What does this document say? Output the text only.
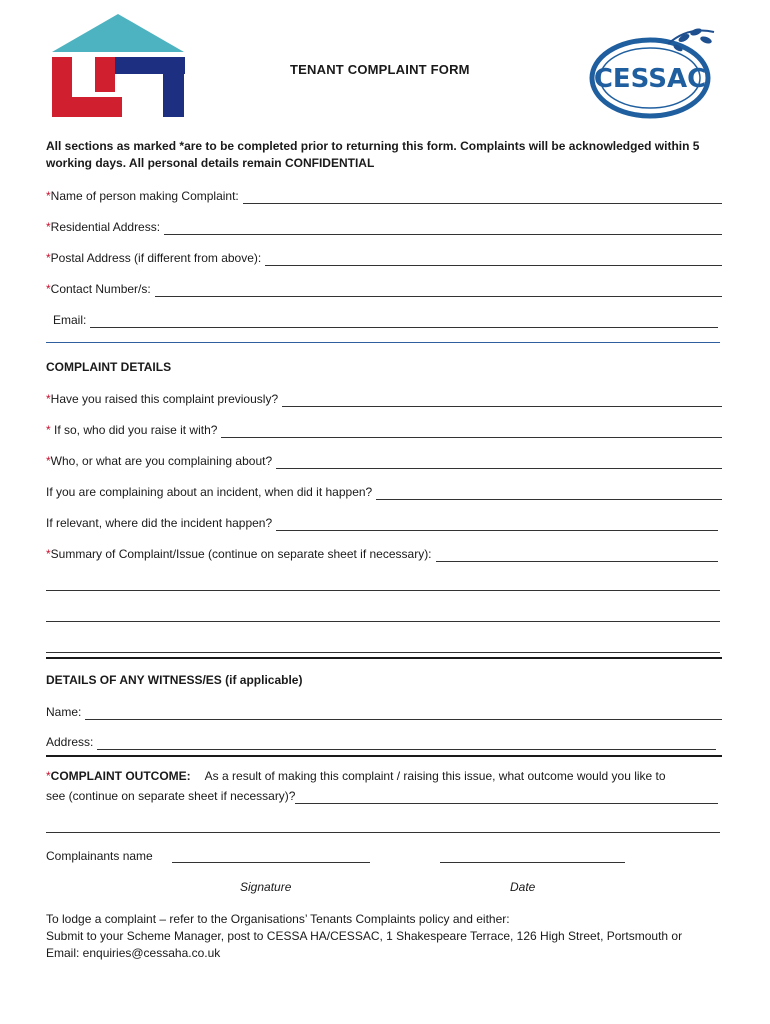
TENANT COMPLAINT FORM	CESSAC
All sections as marked *are to be completed prior to returning this form. Complaints will be acknowledged within 5 working days. All personal details remain CONFIDENTIAL
*Name of person making Complaint:
*Residential Address:
*Postal Address (if different from above):
*Contact Number/s:
Email:
COMPLAINT DETAILS
*Have you raised this complaint previously?
* If so, who did you raise it with?
*Who, or what are you complaining about?
If you are complaining about an incident, when did it happen?
If relevant, where did the incident happen?
*Summary of Complaint/Issue (continue on separate sheet if necessary):
DETAILS OF ANY WITNESS/ES (if applicable)
Name:
Address:
*COMPLAINT OUTCOME: As a result of making this complaint / raising this issue, what outcome would you like to
see (continue on separate sheet if necessary)?
Complainants name
Signature	Date
To lodge a complaint – refer to the Organisations’ Tenants Complaints policy and either:
Submit to your Scheme Manager, post to CESSA HA/CESSAC, 1 Shakespeare Terrace, 126 High Street, Portsmouth or
Email: enquiries@cessaha.co.uk
